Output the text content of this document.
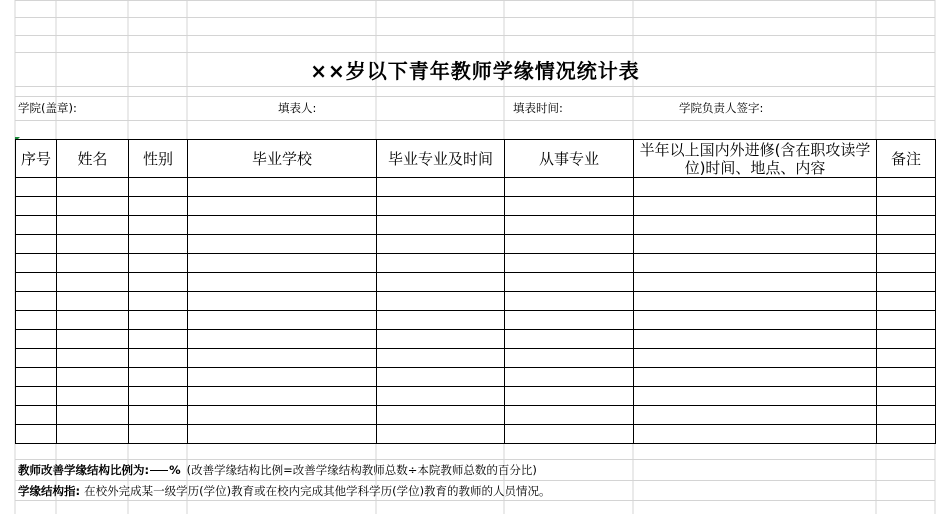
××岁以下青年教师学缘情况统计表
学院(盖章):	填表人:	填表时间:	学院负责人签字:
序号	姓名	性别	毕业学校	毕业专业及时间	从事专业	半年以上国内外进修(含在职攻读学位)时间、地点、内容	备注

教师改善学缘结构比例为: % (改善学缘结构比例=改善学缘结构教师总数÷本院教师总数的百分比)
学缘结构指: 在校外完成某一级学历(学位)教育或在校内完成其他学科学历(学位)教育的教师的人员情况。
